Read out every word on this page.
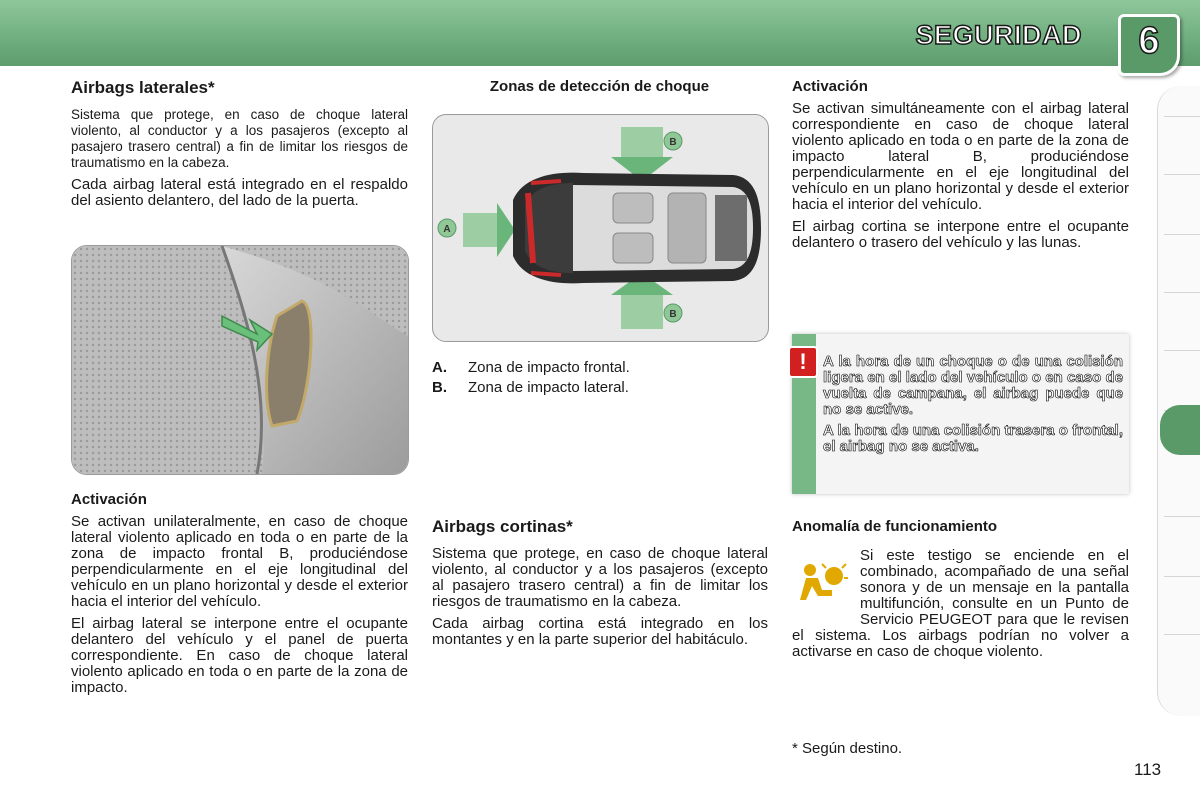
SEGURIDAD	6
Airbags laterales*

Sistema que protege, en caso de choque lateral violento, al conductor y a los pasajeros (excepto al pasajero trasero central) a fin de limitar los riesgos de traumatismo en la cabeza.

Cada airbag lateral está integrado en el respaldo del asiento delantero, del lado de la puerta.

Activación

Se activan unilateralmente, en caso de choque lateral violento aplicado en toda o en parte de la zona de impacto frontal B, produciéndose perpendicularmente en el eje longitudinal del vehículo en un plano horizontal y desde el exterior hacia el interior del vehículo.

El airbag lateral se interpone entre el ocupante delantero del vehículo y el panel de puerta correspondiente. En caso de choque lateral violento aplicado en toda o en parte de la zona de impacto.

Zonas de detección de choque
B
B
A
A.	Zona de impacto frontal.
B.	Zona de impacto lateral.
Airbags cortinas*

Sistema que protege, en caso de choque lateral violento, al conductor y a los pasajeros (excepto al pasajero trasero central) a fin de limitar los riesgos de traumatismo en la cabeza.

Cada airbag cortina está integrado en los montantes y en la parte superior del habitáculo.

Activación

Se activan simultáneamente con el airbag lateral correspondiente en caso de choque lateral violento aplicado en toda o en parte de la zona de impacto lateral B, produciéndose perpendicularmente en el eje longitudinal del vehículo en un plano horizontal y desde el exterior hacia el interior del vehículo.

El airbag cortina se interpone entre el ocupante delantero o trasero del vehículo y las lunas.

!	A la hora de un choque o de una colisión ligera en el lado del vehículo o en caso de vuelta de campana, el airbag puede que no se active.
A la hora de una colisión trasera o frontal, el airbag no se activa.
Anomalía de funcionamiento

Si este testigo se enciende en el combinado, acompañado de una señal sonora y de un mensaje en la pantalla multifunción, consulte en un Punto de Servicio PEUGEOT para que le revisen el sistema. Los airbags podrían no volver a activarse en caso de choque violento.

* Según destino.
113
